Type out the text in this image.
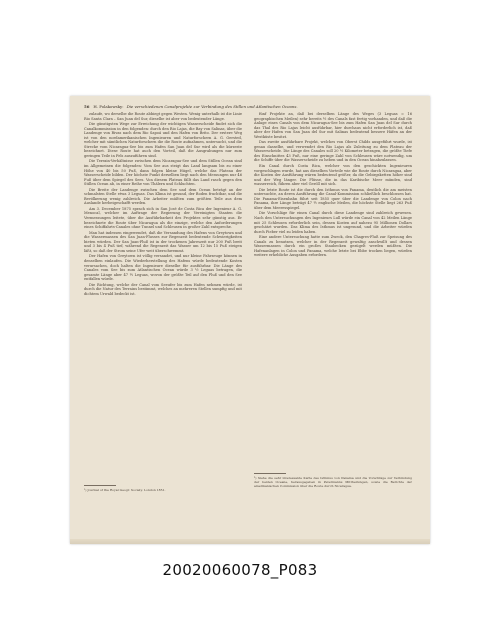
56 H. Polakowsky: Die verschiedenen Canalprojekte zur Verbindung des Stillen und Atlantischen Oceans.

zulaufe, wo derselbe die Route abbiegt gegen Westen. Wenig unterhalb ist die Linie Rio Santa Clara – San Juan del Sur, dieselbe ist aber von bedeutender Länge.

Die günstigsten Wege zur Erreichung der wichtigen Wasserscheide findet sich die Canalkommission in den folgenden: durch den Rio Lajas, die Bay von Salinas, über die Landenge von Rivas nach dem Rio Sapoá und den Hafen von Brito. Der erstere Weg ist von den nordamerikanischen Ingenieuren und Naturforschern A. G. Oersted, welcher mit sämtlichen Naturforschern die die Route aufnahmen, untersucht, und die Strecke vom Nicaragua-See bis zum Hafen San Juan del Sur wird als die kürzeste bezeichnet. Diese Route hat auch den Vorteil, daß die Ausgrabungen nur zum geringen Teile in Fels auszuführen sind.

Die Terrain-Verhältnisse zwischen dem Nicaragua-See und dem Stillen Ocean sind im Allgemeinen die folgenden: Vom See aus steigt das Land langsam bis zu einer Höhe von 40 bis 50 Fuß, dann folgen kleine Hügel, welche das Plateau der Wasserscheide bilden. Der höchste Punkt derselben liegt nach den Messungen nur 46 Fuß über dem Spiegel des Sees. Von diesem Plateau fällt das Land rasch gegen den Stillen Ocean ab, in einer Reihe von Thälern und Schluchten.

Die Breite der Landenge zwischen dem See und dem Ocean beträgt an der schmalsten Stelle etwa 3 Leguas. Das Klima ist gesund, der Boden fruchtbar, und die Bevölkerung wenig zahlreich. Die Arbeiter müßten zum größten Teile aus dem Auslande herbeigeschafft werden.

Am 3. December 1875 sprach sich in San José de Costa Rica der Ingenieur A. G. Menocal, welcher im Auftrage der Regierung der Vereinigten Staaten die Vermessungen leitete, über die Ausführbarkeit des Projektes sehr günstig aus. Er bezeichnete die Route über Nicaragua als die einzige, welche den Anforderungen eines Schiffahrts-Canales ohne Tunnel und Schleusen in großer Zahl entspreche.

Man hat indessen eingewendet, daß die Versandung des Hafens von Greytown und die Wassermassen des San Juan-Flusses zur Regenzeit bedeutende Schwierigkeiten bieten würden. Der San Juan-Fluß ist in der trockenen Jahreszeit nur 200 Fuß breit und 3 bis 4 Fuß tief, während die Regenzeit das Wasser um 12 bis 15 Fuß steigen läßt, so daß der Strom seine Ufer weit überschwemmt.

Der Hafen von Greytown ist völlig versandet, und nur kleine Fahrzeuge können in denselben einlaufen. Die Wiederherstellung des Hafens würde bedeutende Kosten verursachen, doch halten die Ingenieure dieselbe für ausführbar. Die Länge des Canales vom See bis zum Atlantischen Ocean würde 3 ½ Leguas betragen, die gesamte Länge aber 47 ½ Leguas, wovon der größte Teil auf den Fluß und den See entfallen würde.

Die Richtung, welche der Canal vom Seeufer bis zum Hafen nehmen würde, ist durch die Natur des Terrains bestimmt, welches an mehreren Stellen sumpfig und mit dichtem Urwald bedeckt ist.

fünf Projekte an, daß bei derselben Länge des Weges (3 Leguas = 16 geographischen Meilen) sehr bereits ½ des Canals fast fertig vorhanden, und daß die Anlage eines Canals von dem Nicaragua-See bis zum Hafen San Juan del Sur durch das Thal des Rio Lajas leicht ausführbar, hier durchaus nicht erforderlich ist, daß aber der Hafen von San Juan del Sur mit Salinas bedeutend bessere Häfen an der Westküste besitzt.

Das zweite ausführbare Projekt, welches von Oberst Childs ausgeführt wurde, ist genau dasselbe, und verwendet den Rio Lajas als Zuleitung zu dem Plateau der Wasserscheide. Die Länge des Canales soll 20 ½ Kilometer betragen, die größte Tiefe des Einschnittes 43 Fuß, nur eine geringe Zahl von Schleusen wäre notwendig, um die Schiffe über die Wasserscheide zu heben und in den Ocean hinabzulassen.

Ein Canal durch Costa Rica, welcher von den geschickten Ingenieuren vorgeschlagen wurde, hat aus dieselben Vorteile wie die Route durch Nicaragua, aber die Kosten der Ausführung wären bedeutend größer, da die Gebirgsketten höher sind und der Weg länger. Die Flüsse, die in das Karibische Meer münden, sind wasserreich, führen aber viel Geröll mit sich.

Die letzte Route ist die durch den Isthmus von Panama, deutlich die am meisten untersuchte, an deren Ausführung die Canal-Kommission schließlich beschlossen hat. Die Panama-Eisenbahn führt seit 1855 quer über die Landenge von Colon nach Panama, ihre Länge beträgt 47 ½ englische Meilen, die höchste Stelle liegt 263 Fuß über dem Meeresspiegel.

Die Vorschläge für einen Canal durch diese Landenge sind zahlreich gewesen. Nach den Untersuchungen des Ingenieurs Lull würde ein Canal von 42 Meilen Länge mit 25 Schleusen erforderlich sein, dessen Kosten auf nahezu 95 Millionen Dollars geschätzt wurden. Das Klima des Isthmus ist ungesund, und die Arbeiter würden durch Fieber viel zu leiden haben.

Eine andere Untersuchung hatte zum Zweck, den Chagres-Fluß zur Speisung des Canals zu benutzen, welcher in der Regenzeit gewaltig anschwillt und dessen Wassermassen durch ein großes Staubecken gezügelt werden müßten. Die Hafenanlagen in Colon und Panama, welche letzte bei Ebbe trocken liegen, würden weitere erhebliche Ausgaben erfordern.

¹) Journal of the Royal Geogr. Society. London 1851.
²) Siehe die sehr interessante Karte des Isthmus von Panama und die Vorschläge zur Verbindung der beiden Oceane, herausgegeben in Petermanns Mittheilungen, sowie die Berichte der amerikanischen Commission über die Route durch Nicaragua.
20020060078_P083
